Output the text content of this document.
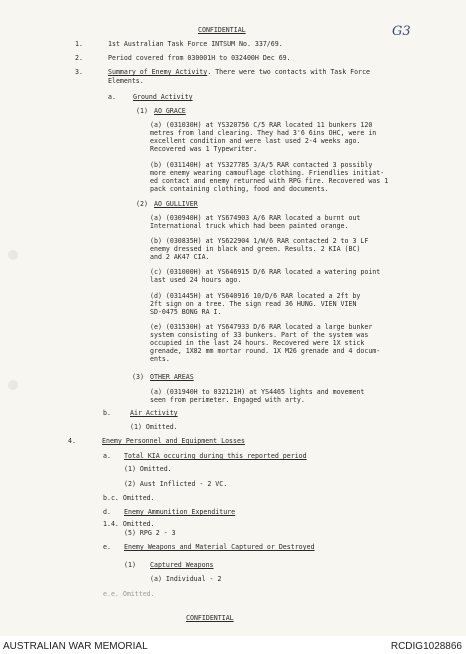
CONFIDENTIAL	G3
1.	1st Australian Task Force INTSUM No. 337/69.
2.	Period covered from 030001H to 032400H Dec 69.
3.	Summary of Enemy Activity. There were two contacts with Task Force
Elements.
a.	Ground Activity
(1) AO GRACE
(a) (031030H) at YS320756 C/5 RAR located 11 bunkers 120
metres from land clearing. They had 3'6 6ins OHC, were in
excellent condition and were last used 2-4 weeks ago.
Recovered was 1 Typewriter.
(b) (031140H) at YS327785 3/A/5 RAR contacted 3 possibly
more enemy wearing camouflage clothing. Friendlies initiat-
ed contact and enemy returned with RPG fire. Recovered was 1
pack containing clothing, food and documents.
(2) AO GULLIVER
(a) (030940H) at YS674903 A/6 RAR located a burnt out
International truck which had been painted orange.
(b) (030835H) at YS622904 1/W/6 RAR contacted 2 to 3 LF
enemy dressed in black and green. Results. 2 KIA (BC)
and 2 AK47 CIA.
(c) (031000H) at YS646915 D/6 RAR located a watering point
last used 24 hours ago.
(d) (031445H) at YS640916 10/D/6 RAR located a 2ft by
2ft sign on a tree. The sign read 36 HUNG. VIEN VIEN
SD-0475 BONG RA I.
(e) (031530H) at YS647933 D/6 RAR located a large bunker
system consisting of 33 bunkers. Part of the system was
occupied in the last 24 hours. Recovered were 1X stick
grenade, 1X82 mm mortar round. 1X M26 grenade and 4 docum-
ents.
(3) OTHER AREAS
(a) (031940H to 032121H) at YS4465 lights and movement
seen from perimeter. Engaged with arty.
b.	Air Activity
(1) Omitted.
4.	Enemy Personnel and Equipment Losses
a. Total KIA occuring during this reported period
(1) Omitted.
(2) Aust Inflicted - 2 VC.
b.c. Omitted.
d. Enemy Ammunition Expenditure
1.4. Omitted.
(5) RPG 2 - 3
e. Enemy Weapons and Material Captured or Destroyed
(1) Captured Weapons
(a) Individual - 2
e.e. Omitted.
CONFIDENTIAL
AUSTRALIAN WAR MEMORIAL	RCDIG1028866
